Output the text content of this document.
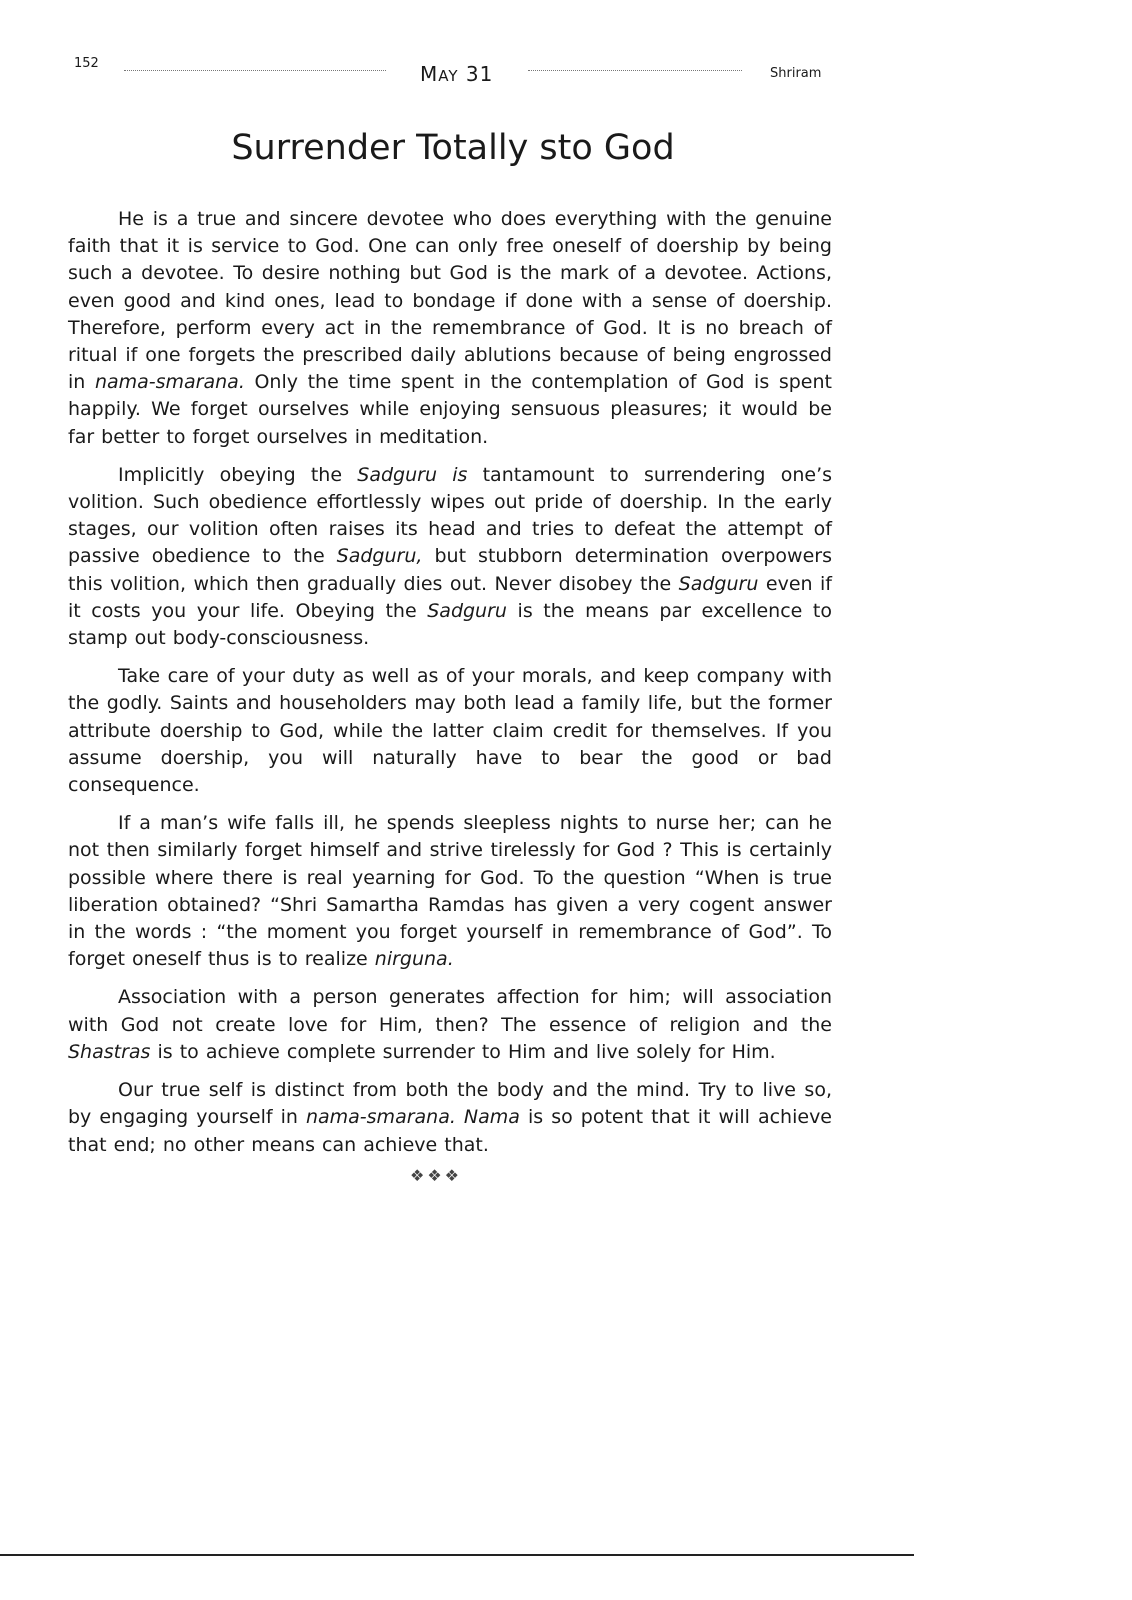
152	MAY 31	Shriram
Surrender Totally sto God

He is a true and sincere devotee who does everything with the genuine faith that it is service to God. One can only free oneself of doership by being such a devotee. To desire nothing but God is the mark of a devotee. Actions, even good and kind ones, lead to bondage if done with a sense of doership. Therefore, perform every act in the remembrance of God. It is no breach of ritual if one forgets the prescribed daily ablutions because of being engrossed in nama-smarana. Only the time spent in the contemplation of God is spent happily. We forget ourselves while enjoying sensuous pleasures; it would be far better to forget ourselves in meditation.

Implicitly obeying the Sadguru is tantamount to surrendering one’s volition. Such obedience effortlessly wipes out pride of doership. In the early stages, our volition often raises its head and tries to defeat the attempt of passive obedience to the Sadguru, but stubborn determination overpowers this volition, which then gradually dies out. Never disobey the Sadguru even if it costs you your life. Obeying the Sadguru is the means par excellence to stamp out body-consciousness.

Take care of your duty as well as of your morals, and keep company with the godly. Saints and householders may both lead a family life, but the former attribute doership to God, while the latter claim credit for themselves. If you assume doership, you will naturally have to bear the good or bad consequence.

If a man’s wife falls ill, he spends sleepless nights to nurse her; can he not then similarly forget himself and strive tirelessly for God ? This is certainly possible where there is real yearning for God. To the question “When is true liberation obtained? “Shri Samartha Ramdas has given a very cogent answer in the words : “the moment you forget yourself in remembrance of God”. To forget oneself thus is to realize nirguna.

Association with a person generates affection for him; will association with God not create love for Him, then? The essence of religion and the Shastras is to achieve complete surrender to Him and live solely for Him.

Our true self is distinct from both the body and the mind. Try to live so, by engaging yourself in nama-smarana. Nama is so potent that it will achieve that end; no other means can achieve that.

❖❖❖
